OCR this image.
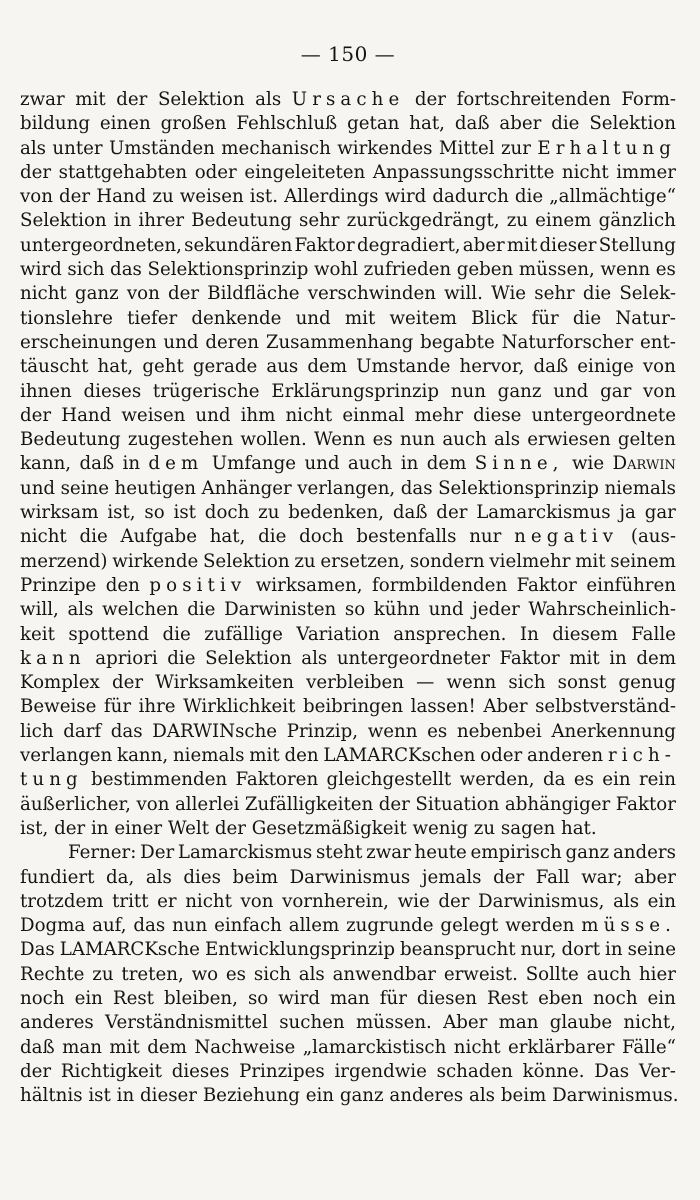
— 150 —
zwar mit der Selektion als Ursache der fortschreitenden Form-
bildung einen großen Fehlschluß getan hat, daß aber die Selektion
als unter Umständen mechanisch wirkendes Mittel zur Erhaltung
der stattgehabten oder eingeleiteten Anpassungsschritte nicht immer
von der Hand zu weisen ist. Allerdings wird dadurch die „allmächtige“
Selektion in ihrer Bedeutung sehr zurückgedrängt, zu einem gänzlich
untergeordneten, sekundären Faktor degradiert, aber mit dieser Stellung
wird sich das Selektionsprinzip wohl zufrieden geben müssen, wenn es
nicht ganz von der Bildfläche verschwinden will. Wie sehr die Selek-
tionslehre tiefer denkende und mit weitem Blick für die Natur-
erscheinungen und deren Zusammenhang begabte Naturforscher ent-
täuscht hat, geht gerade aus dem Umstande hervor, daß einige von
ihnen dieses trügerische Erklärungsprinzip nun ganz und gar von
der Hand weisen und ihm nicht einmal mehr diese untergeordnete
Bedeutung zugestehen wollen. Wenn es nun auch als erwiesen gelten
kann, daß in dem Umfange und auch in dem Sinne, wie Darwin
und seine heutigen Anhänger verlangen, das Selektionsprinzip niemals
wirksam ist, so ist doch zu bedenken, daß der Lamarckismus ja gar
nicht die Aufgabe hat, die doch bestenfalls nur negativ (aus-
merzend) wirkende Selektion zu ersetzen, sondern vielmehr mit seinem
Prinzipe den positiv wirksamen, formbildenden Faktor einführen
will, als welchen die Darwinisten so kühn und jeder Wahrscheinlich-
keit spottend die zufällige Variation ansprechen. In diesem Falle
kann apriori die Selektion als untergeordneter Faktor mit in dem
Komplex der Wirksamkeiten verbleiben — wenn sich sonst genug
Beweise für ihre Wirklichkeit beibringen lassen! Aber selbstverständ-
lich darf das DARWINsche Prinzip, wenn es nebenbei Anerkennung
verlangen kann, niemals mit den LAMARCKschen oder anderen rich-
tung bestimmenden Faktoren gleichgestellt werden, da es ein rein
äußerlicher, von allerlei Zufälligkeiten der Situation abhängiger Faktor
ist, der in einer Welt der Gesetzmäßigkeit wenig zu sagen hat.
Ferner: Der Lamarckismus steht zwar heute empirisch ganz anders
fundiert da, als dies beim Darwinismus jemals der Fall war; aber
trotzdem tritt er nicht von vornherein, wie der Darwinismus, als ein
Dogma auf, das nun einfach allem zugrunde gelegt werden müsse.
Das LAMARCKsche Entwicklungsprinzip beansprucht nur, dort in seine
Rechte zu treten, wo es sich als anwendbar erweist. Sollte auch hier
noch ein Rest bleiben, so wird man für diesen Rest eben noch ein
anderes Verständnismittel suchen müssen. Aber man glaube nicht,
daß man mit dem Nachweise „lamarckistisch nicht erklärbarer Fälle“
der Richtigkeit dieses Prinzipes irgendwie schaden könne. Das Ver-
hältnis ist in dieser Beziehung ein ganz anderes als beim Darwinismus.
